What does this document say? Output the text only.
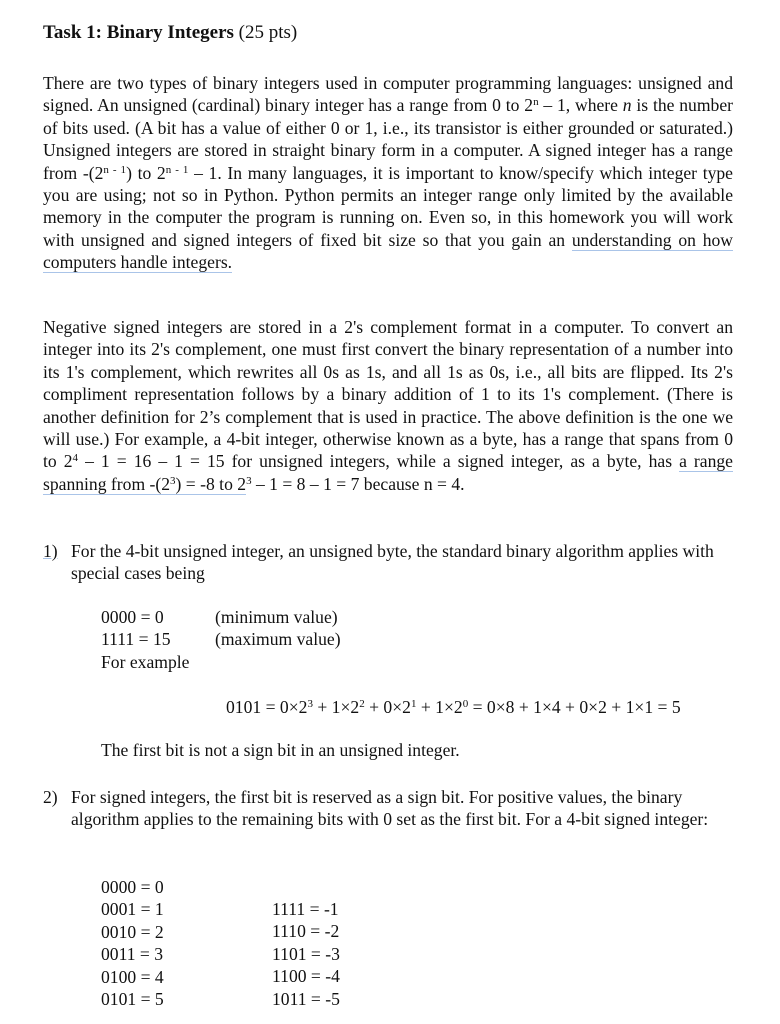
Task 1: Binary Integers (25 pts)
There are two types of binary integers used in computer programming languages: unsigned and signed. An unsigned (cardinal) binary integer has a range from 0 to 2$^n$ – 1, where n is the number of bits used. (A bit has a value of either 0 or 1, i.e., its transistor is either grounded or saturated.) Unsigned integers are stored in straight binary form in a computer. A signed integer has a range from -(2$^{n - 1}$) to 2$^{n - 1}$ – 1. In many languages, it is important to know/specify which integer type you are using; not so in Python. Python permits an integer range only limited by the available memory in the computer the program is running on. Even so, in this homework you will work with unsigned and signed integers of fixed bit size so that you gain an understanding on how computers handle integers.
Negative signed integers are stored in a 2's complement format in a computer. To convert an integer into its 2's complement, one must first convert the binary representation of a number into its 1's complement, which rewrites all 0s as 1s, and all 1s as 0s, i.e., all bits are flipped. Its 2's compliment representation follows by a binary addition of 1 to its 1's complement. (There is another definition for 2’s complement that is used in practice. The above definition is the one we will use.) For example, a 4-bit integer, otherwise known as a byte, has a range that spans from 0 to $2^4 - 1 = 16 - 1 = 15$ for unsigned integers, while a signed integer, as a byte, has a range spanning from $-(2^3) = -8$ to $2^3 - 1 = 8 - 1 = 7$ because n = 4.
1) For the 4-bit unsigned integer, an unsigned byte, the standard binary algorithm applies with special cases being
0000 = 0	(minimum value)
1111 = 15	(maximum value)
For example
$0101 = 0\times 2^3 + 1\times 2^2 + 0\times 2^1 + 1\times 2^0 = 0\times 8 + 1\times 4 + 0\times 2 + 1\times 1 = 5$
The first bit is not a sign bit in an unsigned integer.
2) For signed integers, the first bit is reserved as a sign bit. For positive values, the binary algorithm applies to the remaining bits with 0 set as the first bit. For a 4-bit signed integer:
0000 = 0
0001 = 1
0010 = 2
0011 = 3
0100 = 4
0101 = 5
1111 = -1
1110 = -2
1101 = -3
1100 = -4
1011 = -5
